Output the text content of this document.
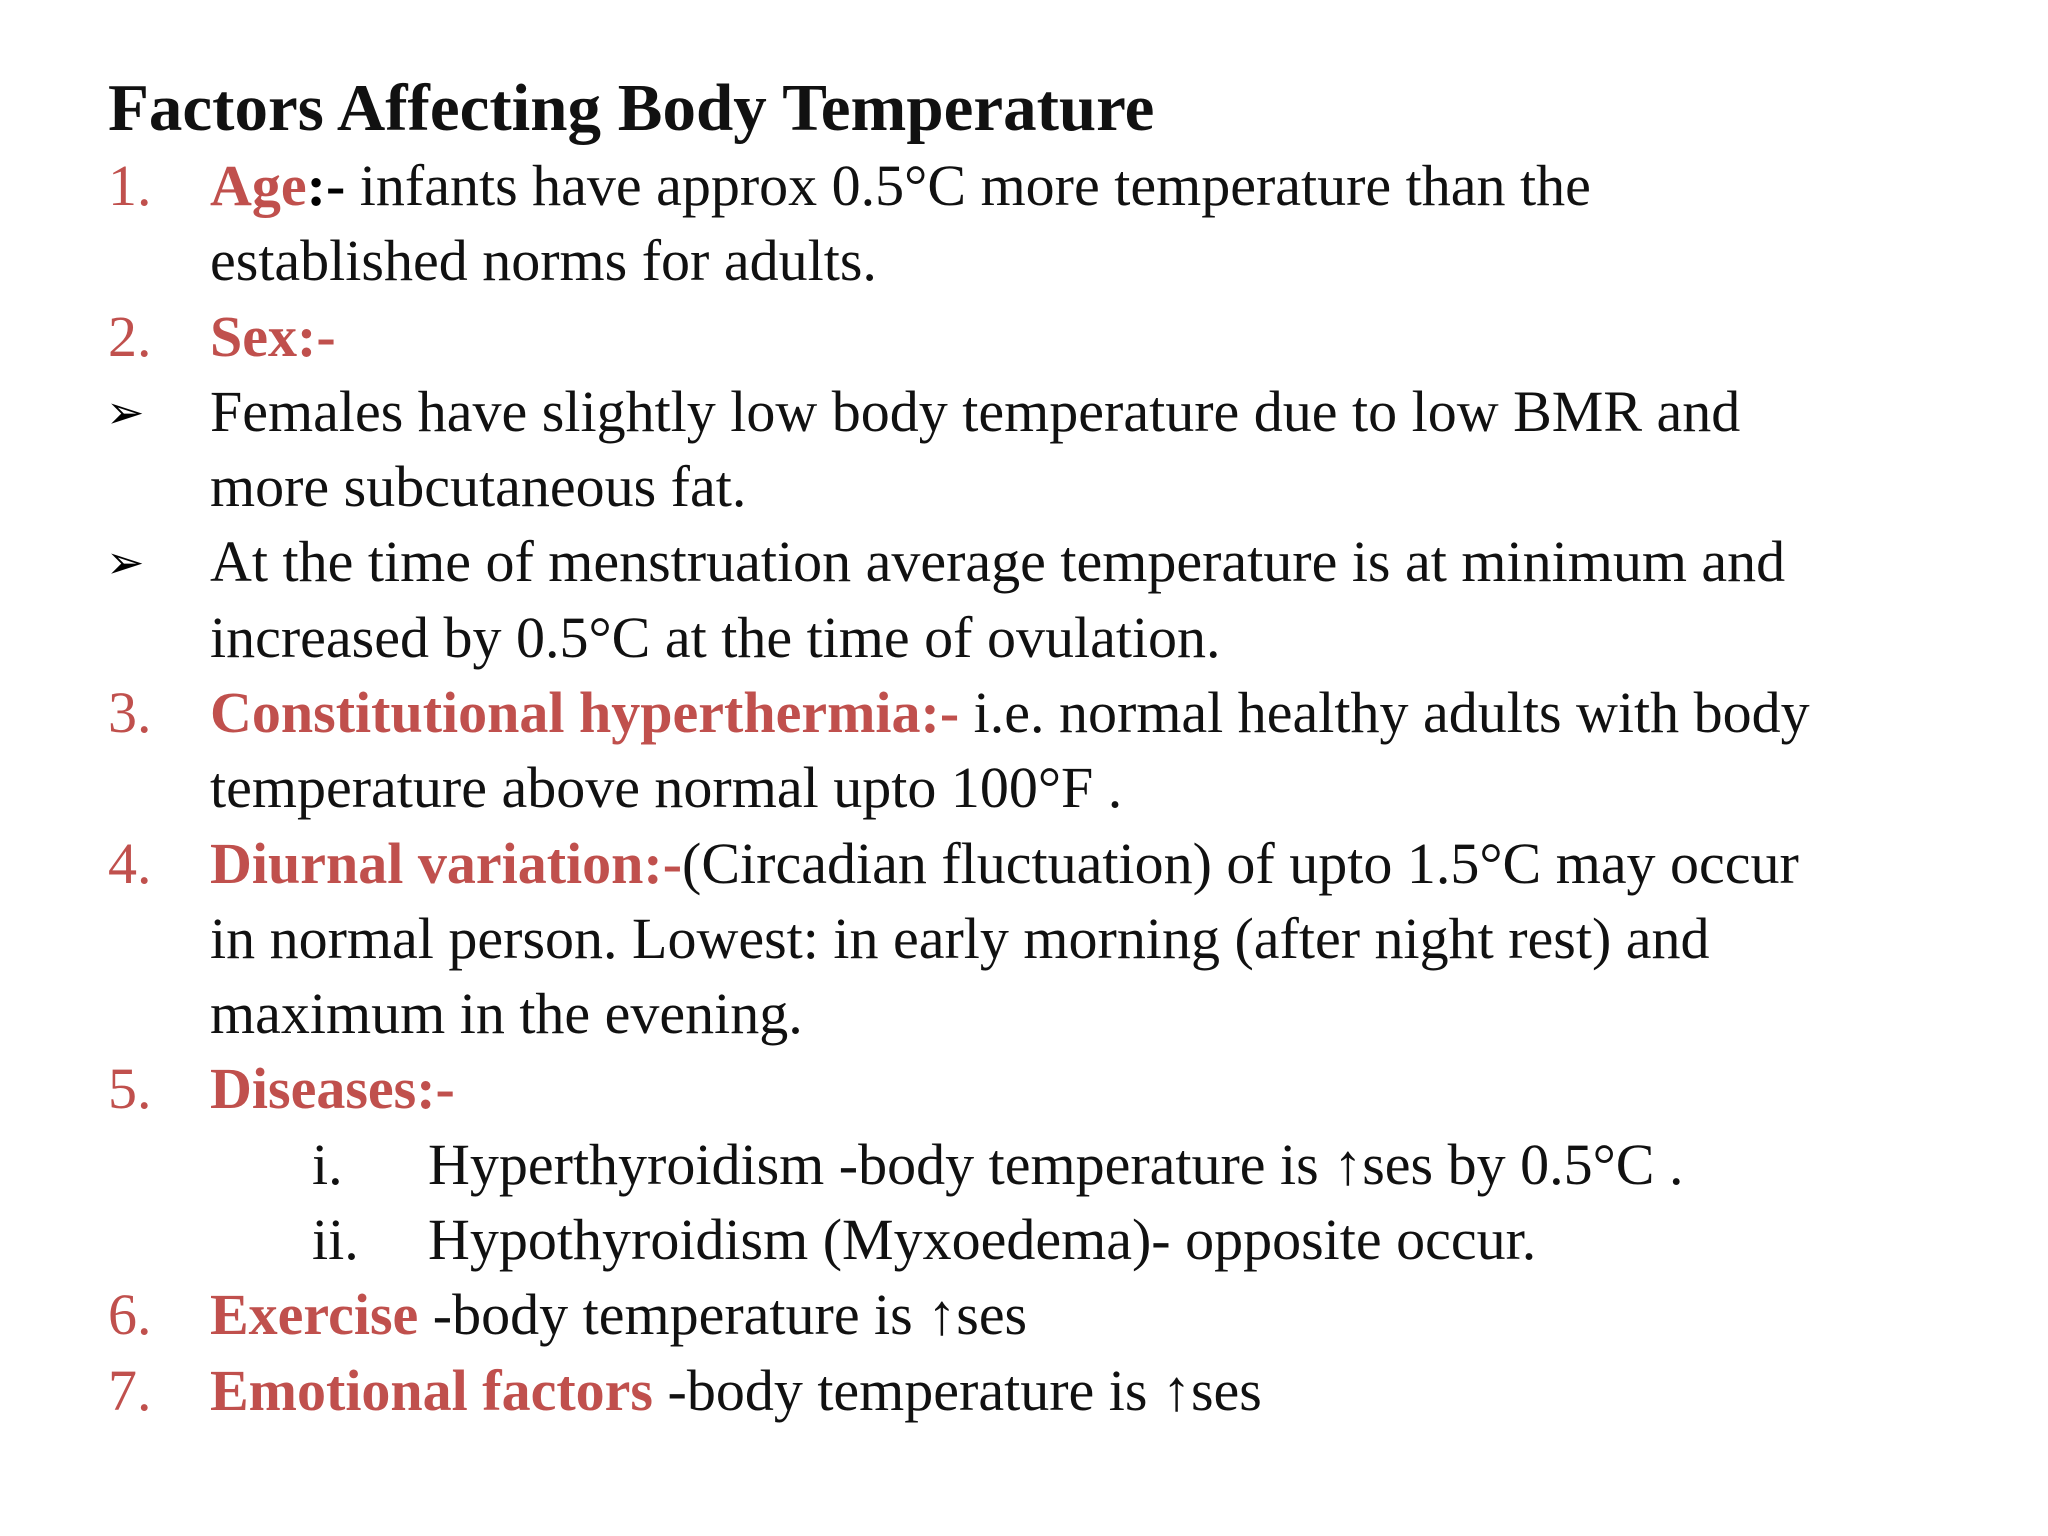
Factors Affecting Body Temperature
1. Age:- infants have approx 0.5°C more temperature than the
established norms for adults.
2. Sex:-
➢ Females have slightly low body temperature due to low BMR and
more subcutaneous fat.
➢ At the time of menstruation average temperature is at minimum and
increased by 0.5°C at the time of ovulation.
3. Constitutional hyperthermia:- i.e. normal healthy adults with body
temperature above normal upto 100°F .
4. Diurnal variation:-(Circadian fluctuation) of upto 1.5°C may occur
in normal person. Lowest: in early morning (after night rest) and
maximum in the evening.
5. Diseases:-
i. Hyperthyroidism -body temperature is ↑ses by 0.5°C .
ii. Hypothyroidism (Myxoedema)- opposite occur.
6. Exercise -body temperature is ↑ses
7. Emotional factors -body temperature is ↑ses
